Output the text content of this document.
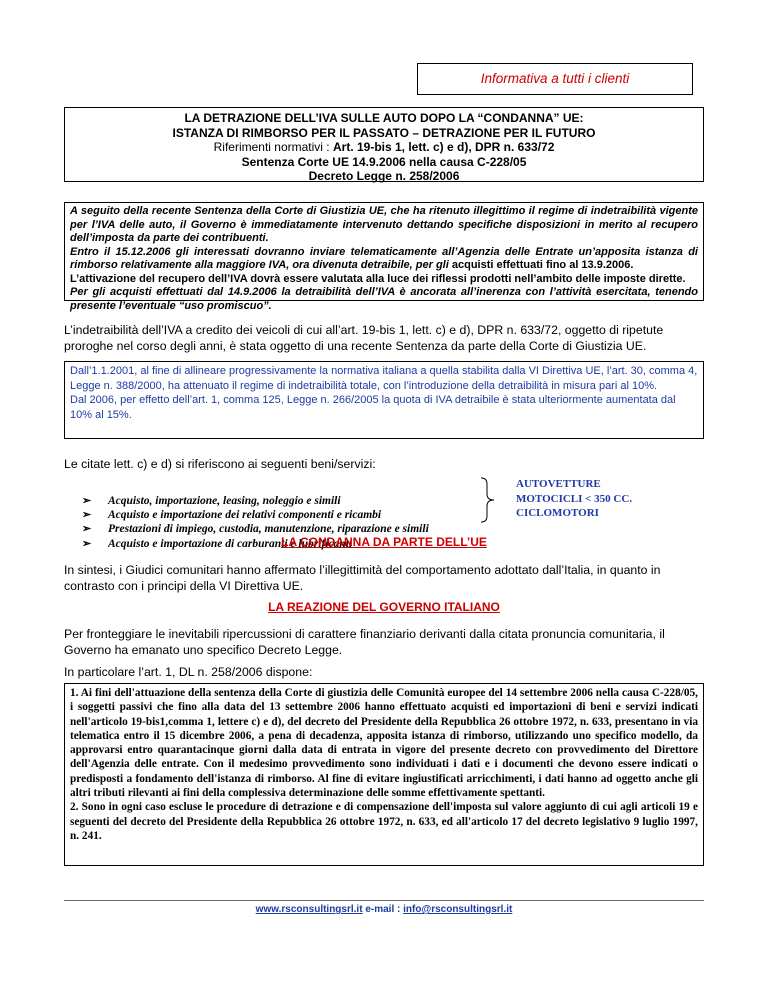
Informativa a tutti i clienti
LA DETRAZIONE DELL’IVA SULLE AUTO DOPO LA “CONDANNA” UE:
ISTANZA DI RIMBORSO PER IL PASSATO – DETRAZIONE PER IL FUTURO
Riferimenti normativi : Art. 19-bis 1, lett. c) e d), DPR n. 633/72
Sentenza Corte UE 14.9.2006 nella causa C-228/05
Decreto Legge n. 258/2006

A seguito della recente Sentenza della Corte di Giustizia UE, che ha ritenuto illegittimo il regime di indetraibilità vigente per l’IVA delle auto, il Governo è immediatamente intervenuto dettando specifiche disposizioni in merito al recupero dell’imposta da parte dei contribuenti.

Entro il 15.12.2006 gli interessati dovranno inviare telematicamente all’Agenzia delle Entrate un’apposita istanza di rimborso relativamente alla maggiore IVA, ora divenuta detraibile, per gli acquisti effettuati fino al 13.9.2006.

L’attivazione del recupero dell’IVA dovrà essere valutata alla luce dei riflessi prodotti nell’ambito delle imposte dirette.

Per gli acquisti effettuati dal 14.9.2006 la detraibilità dell’IVA è ancorata all’inerenza con l’attività esercitata, tenendo presente l’eventuale “uso promiscuo”.

L’indetraibilità dell’IVA a credito dei veicoli di cui all’art. 19-bis 1, lett. c) e d), DPR n. 633/72, oggetto di ripetute proroghe nel corso degli anni, è stata oggetto di una recente Sentenza da parte della Corte di Giustizia UE.

Dall’1.1.2001, al fine di allineare progressivamente la normativa italiana a quella stabilita dalla VI Direttiva UE, l’art. 30, comma 4, Legge n. 388/2000, ha attenuato il regime di indetraibilità totale, con l’introduzione della detraibilità in misura pari al 10%.

Dal 2006, per effetto dell’art. 1, comma 125, Legge n. 266/2005 la quota di IVA detraibile è stata ulteriormente aumentata dal 10% al 15%.

Le citate lett. c) e d) si riferiscono ai seguenti beni/servizi:
➢ Acquisto, importazione, leasing, noleggio e simili
➢ Acquisto e importazione dei relativi componenti e ricambi
➢ Prestazioni di impiego, custodia, manutenzione, riparazione e simili
➢ Acquisto e importazione di carburanti e lubrificanti
AUTOVETTURE
MOTOCICLI < 350 CC.
CICLOMOTORI
LA CONDANNA DA PARTE DELL’UE
In sintesi, i Giudici comunitari hanno affermato l’illegittimità del comportamento adottato dall’Italia, in quanto in contrasto con i principi della VI Direttiva UE.
LA REAZIONE DEL GOVERNO ITALIANO
Per fronteggiare le inevitabili ripercussioni di carattere finanziario derivanti dalla citata pronuncia comunitaria, il Governo ha emanato uno specifico Decreto Legge.
In particolare l’art. 1, DL n. 258/2006 dispone:

1. Ai fini dell'attuazione della sentenza della Corte di giustizia delle Comunità europee del 14 settembre 2006 nella causa C-228/05, i soggetti passivi che fino alla data del 13 settembre 2006 hanno effettuato acquisti ed importazioni di beni e servizi indicati nell'articolo 19-bis1,comma 1, lettere c) e d), del decreto del Presidente della Repubblica 26 ottobre 1972, n. 633, presentano in via telematica entro il 15 dicembre 2006, a pena di decadenza, apposita istanza di rimborso, utilizzando uno specifico modello, da approvarsi entro quarantacinque giorni dalla data di entrata in vigore del presente decreto con provvedimento del Direttore dell'Agenzia delle entrate. Con il medesimo provvedimento sono individuati i dati e i documenti che devono essere indicati o predisposti a fondamento dell'istanza di rimborso. Al fine di evitare ingiustificati arricchimenti, i dati hanno ad oggetto anche gli altri tributi rilevanti ai fini della complessiva determinazione delle somme effettivamente spettanti.

2. Sono in ogni caso escluse le procedure di detrazione e di compensazione dell'imposta sul valore aggiunto di cui agli articoli 19 e seguenti del decreto del Presidente della Repubblica 26 ottobre 1972, n. 633, ed all'articolo 17 del decreto legislativo 9 luglio 1997, n. 241.

www.rsconsultingsrl.it e-mail : info@rsconsultingsrl.it
